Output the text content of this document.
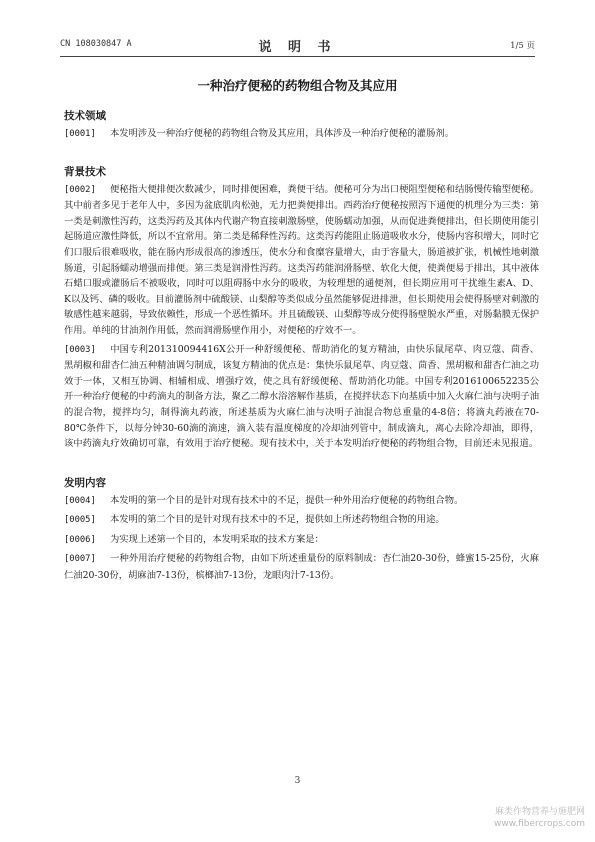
CN 108030847 A	说 明 书	1/5 页
一种治疗便秘的药物组合物及其应用
技术领域

[0001] 本发明涉及一种治疗便秘的药物组合物及其应用，具体涉及一种治疗便秘的灌肠剂。

背景技术

[0002] 便秘指大便排便次数减少，同时排便困难，粪便干结。便秘可分为出口梗阻型便秘和结肠慢传输型便秘。其中前者多见于老年人中，多因为盆底肌肉松弛，无力把粪便排出。西药治疗便秘按照泻下通便的机理分为三类：第一类是刺激性泻药，这类泻药及其体内代谢产物直接刺激肠壁，使肠蠕动加强，从而促进粪便排出，但长期使用能引起肠道应激性降低，所以不宜常用。第二类是稀释性泻药。这类泻药能阻止肠道吸收水分，使肠内容积增大，同时它们口服后很难吸收，能在肠内形成很高的渗透压，使水分和食糜容量增大，由于容量大，肠道被扩张，机械性地刺激肠道，引起肠蠕动增强而排便。第三类是润滑性泻药。这类泻药能润滑肠壁、软化大便，使粪便易于排出，其中液体石蜡口服或灌肠后不被吸收，同时可以阻碍肠中水分的吸收，为较理想的通便剂，但长期应用可干扰维生素A、D、K以及钙、磷的吸收。目前灌肠剂中硫酸镁、山梨醇等类似成分虽然能够促进排泄，但长期使用会使得肠壁对刺激的敏感性越来越弱，导致依赖性，形成一个恶性循环。并且硫酸镁、山梨醇等成分使得肠壁脱水严重，对肠黏膜无保护作用。单纯的甘油剂作用低，然而润滑肠壁作用小，对便秘的疗效不一。

[0003] 中国专利201310094416X公开一种舒缓便秘、帮助消化的复方精油，由快乐鼠尾草、肉豆蔻、茴香、黑胡椒和甜杏仁油五种精油调匀制成，该复方精油的优点是：集快乐鼠尾草、肉豆蔻、茴香、黑胡椒和甜杏仁油之功效于一体，又相互协调、相辅相成、增强疗效，使之具有舒缓便秘、帮助消化功能。中国专利2016100652235公开一种治疗便秘的中药滴丸的制备方法，聚乙二醇水浴溶解作基质，在搅拌状态下向基质中加入火麻仁油与决明子油的混合物，搅拌均匀，制得滴丸药液，所述基质为火麻仁油与决明子油混合物总重量的4-8倍；将滴丸药液在70-80℃条件下，以每分钟30-60滴的滴速，滴入装有温度梯度的冷却油列管中，制成滴丸，离心去除冷却油，即得，该中药滴丸疗效确切可靠，有效用于治疗便秘。现有技术中，关于本发明治疗便秘的药物组合物，目前还未见报道。

发明内容

[0004] 本发明的第一个目的是针对现有技术中的不足，提供一种外用治疗便秘的药物组合物。

[0005] 本发明的第二个目的是针对现有技术中的不足，提供如上所述药物组合物的用途。

[0006] 为实现上述第一个目的，本发明采取的技术方案是：

[0007] 一种外用治疗便秘的药物组合物，由如下所述重量份的原料制成：杏仁油20-30份，蜂蜜15-25份，火麻仁油20-30份，胡麻油7-13份，槟榔油7-13份，龙眼肉汁7-13份。

3
麻类作物营养与施肥网
www.fibercrops.com
